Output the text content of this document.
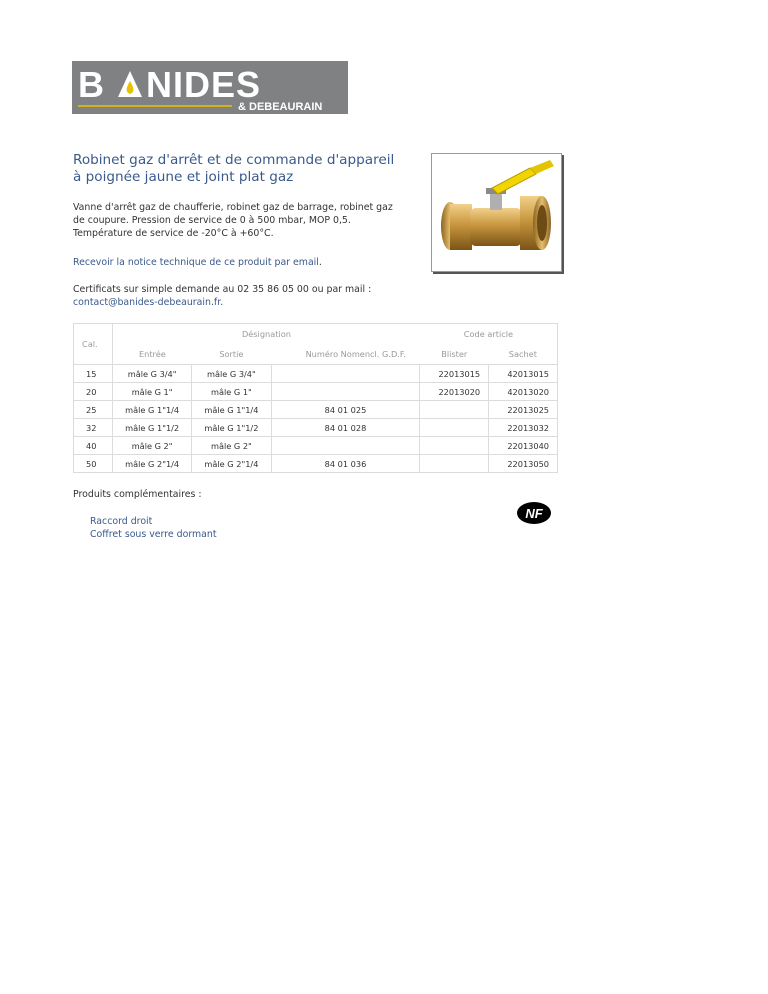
B NIDES
& DEBEAURAIN
Robinet gaz d'arrêt et de commande d'appareil
à poignée jaune et joint plat gaz
Vanne d'arrêt gaz de chaufferie, robinet gaz de barrage, robinet gaz
de coupure. Pression de service de 0 à 500 mbar, MOP 0,5.
Température de service de -20°C à +60°C.
Recevoir la notice technique de ce produit par email.
Certificats sur simple demande au 02 35 86 05 00 ou par mail :
contact@banides-debeaurain.fr.
Cal.	Désignation			Code article	
	Entrée	Sortie	Numéro Nomencl. G.D.F.	Blister	Sachet
15	mâle G 3/4"	mâle G 3/4"		22013015	42013015
20	mâle G 1"	mâle G 1"		22013020	42013020
25	mâle G 1"1/4	mâle G 1"1/4	84 01 025		22013025
32	mâle G 1"1/2	mâle G 1"1/2	84 01 028		22013032
40	mâle G 2"	mâle G 2"			22013040
50	mâle G 2"1/4	mâle G 2"1/4	84 01 036		22013050
Produits complémentaires :
Raccord droit
Coffret sous verre dormant
NF
